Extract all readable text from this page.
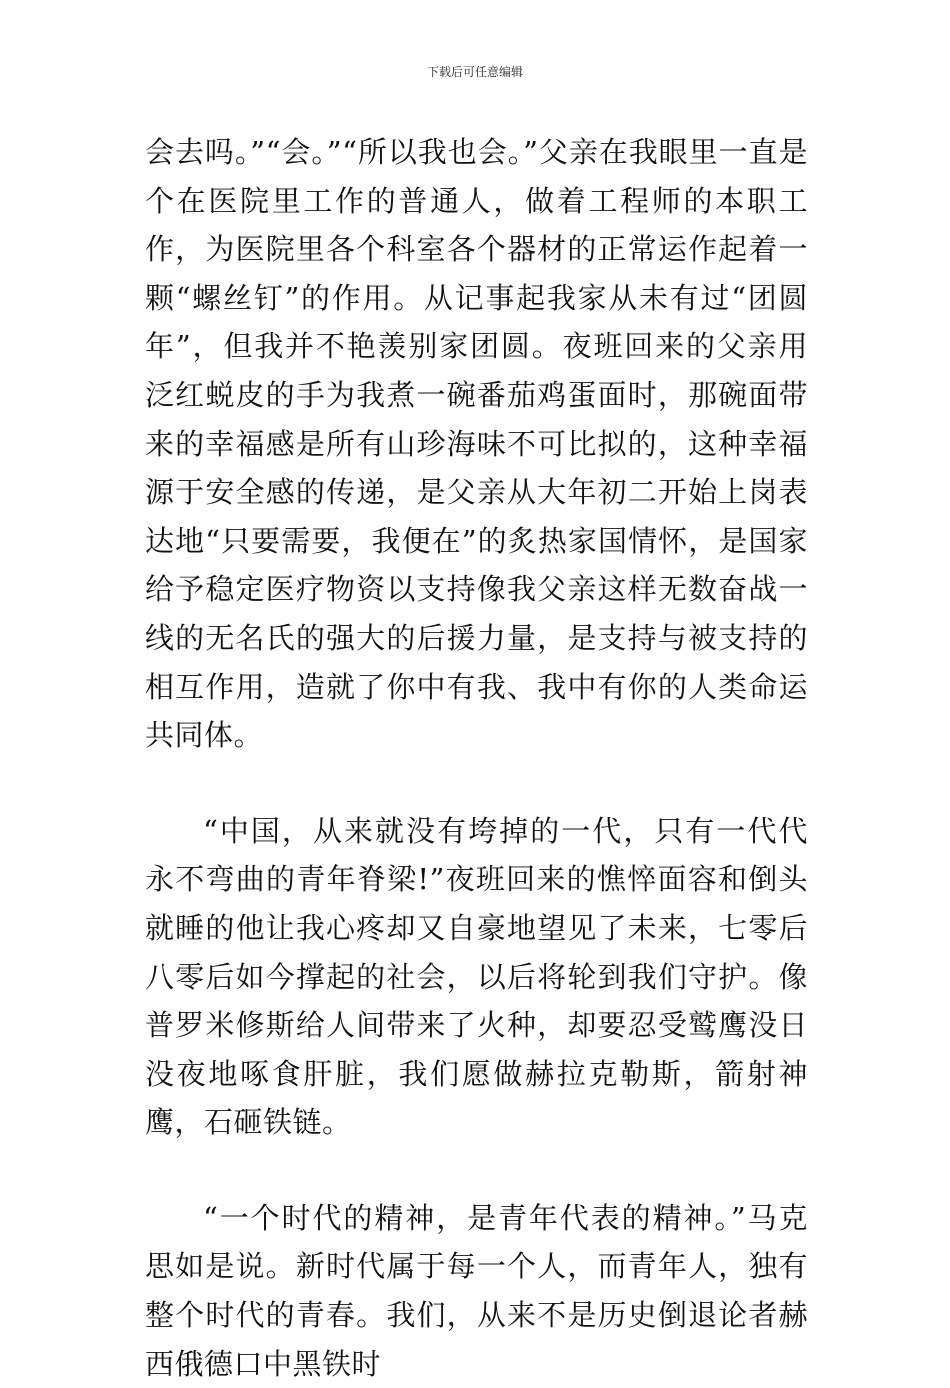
下载后可任意编辑

会去吗。”“会。”“所以我也会。”父亲在我眼里一直是个在医院里工作的普通人，做着工程师的本职工作，为医院里各个科室各个器材的正常运作起着一颗“螺丝钉”的作用。从记事起我家从未有过“团圆年”，但我并不艳羡别家团圆。夜班回来的父亲用泛红蜕皮的手为我煮一碗番茄鸡蛋面时，那碗面带来的幸福感是所有山珍海味不可比拟的，这种幸福源于安全感的传递，是父亲从大年初二开始上岗表达地“只要需要，我便在”的炙热家国情怀，是国家给予稳定医疗物资以支持像我父亲这样无数奋战一线的无名氏的强大的后援力量，是支持与被支持的相互作用，造就了你中有我、我中有你的人类命运共同体。

“中国，从来就没有垮掉的一代，只有一代代永不弯曲的青年脊梁!”夜班回来的憔悴面容和倒头就睡的他让我心疼却又自豪地望见了未来，七零后八零后如今撑起的社会，以后将轮到我们守护。像普罗米修斯给人间带来了火种，却要忍受鹫鹰没日没夜地啄食肝脏，我们愿做赫拉克勒斯，箭射神鹰，石砸铁链。

“一个时代的精神，是青年代表的精神。”马克思如是说。新时代属于每一个人，而青年人，独有整个时代的青春。我们，从来不是历史倒退论者赫西俄德口中黑铁时
